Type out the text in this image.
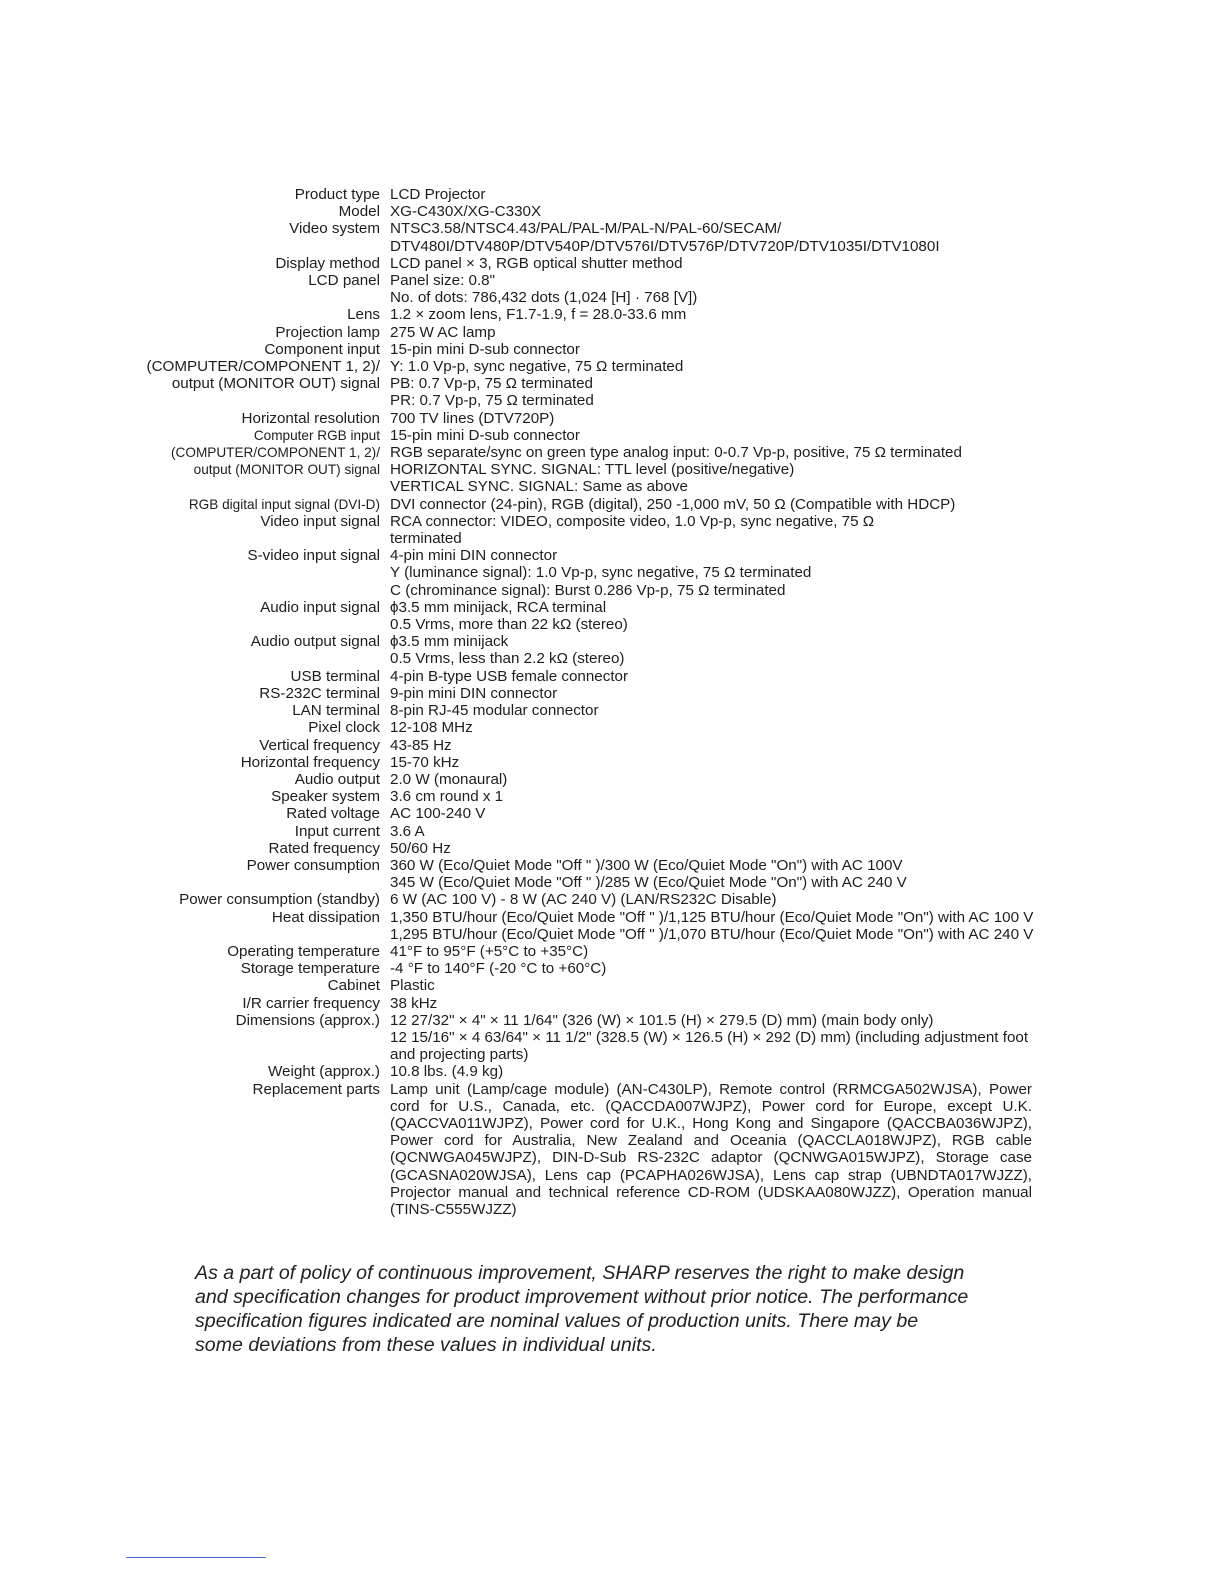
Product type LCD Projector
Model XG-C430X/XG-C330X
Video system NTSC3.58/NTSC4.43/PAL/PAL-M/PAL-N/PAL-60/SECAM/
DTV480I/DTV480P/DTV540P/DTV576I/DTV576P/DTV720P/DTV1035I/DTV1080I
Display method LCD panel × 3, RGB optical shutter method
LCD panel Panel size: 0.8"
No. of dots: 786,432 dots (1,024 [H] · 768 [V])
Lens 1.2 × zoom lens, F1.7-1.9, f = 28.0-33.6 mm
Projection lamp 275 W AC lamp
Component input
(COMPUTER/COMPONENT 1, 2)/
output (MONITOR OUT) signal
15-pin mini D-sub connector
Y: 1.0 Vp-p, sync negative, 75 Ω terminated
PB: 0.7 Vp-p, 75 Ω terminated
PR: 0.7 Vp-p, 75 Ω terminated
Horizontal resolution 700 TV lines (DTV720P)
Computer RGB input
(COMPUTER/COMPONENT 1, 2)/
output (MONITOR OUT) signal
15-pin mini D-sub connector
RGB separate/sync on green type analog input: 0-0.7 Vp-p, positive, 75 Ω terminated
HORIZONTAL SYNC. SIGNAL: TTL level (positive/negative)
VERTICAL SYNC. SIGNAL: Same as above
RGB digital input signal (DVI-D) DVI connector (24-pin), RGB (digital), 250 -1,000 mV, 50 Ω (Compatible with HDCP)
Video input signal RCA connector: VIDEO, composite video, 1.0 Vp-p, sync negative, 75 Ω
terminated
S-video input signal 4-pin mini DIN connector
Y (luminance signal): 1.0 Vp-p, sync negative, 75 Ω terminated
C (chrominance signal): Burst 0.286 Vp-p, 75 Ω terminated
Audio input signal ϕ3.5 mm minijack, RCA terminal
0.5 Vrms, more than 22 kΩ (stereo)
Audio output signal ϕ3.5 mm minijack
0.5 Vrms, less than 2.2 kΩ (stereo)
USB terminal 4-pin B-type USB female connector
RS-232C terminal 9-pin mini DIN connector
LAN terminal 8-pin RJ-45 modular connector
Pixel clock 12-108 MHz
Vertical frequency 43-85 Hz
Horizontal frequency 15-70 kHz
Audio output 2.0 W (monaural)
Speaker system 3.6 cm round x 1
Rated voltage AC 100-240 V
Input current 3.6 A
Rated frequency 50/60 Hz
Power consumption 360 W (Eco/Quiet Mode "Off " )/300 W (Eco/Quiet Mode "On") with AC 100V
345 W (Eco/Quiet Mode "Off " )/285 W (Eco/Quiet Mode "On") with AC 240 V
Power consumption (standby) 6 W (AC 100 V) - 8 W (AC 240 V) (LAN/RS232C Disable)
Heat dissipation 1,350 BTU/hour (Eco/Quiet Mode "Off " )/1,125 BTU/hour (Eco/Quiet Mode "On") with AC 100 V
1,295 BTU/hour (Eco/Quiet Mode "Off " )/1,070 BTU/hour (Eco/Quiet Mode "On") with AC 240 V
Operating temperature 41°F to 95°F (+5°C to +35°C)
Storage temperature -4 °F to 140°F (-20 °C to +60°C)
Cabinet Plastic
I/R carrier frequency 38 kHz
Dimensions (approx.) 12 27/32" × 4" × 11 1/64" (326 (W) × 101.5 (H) × 279.5 (D) mm) (main body only)
12 15/16" × 4 63/64" × 11 1/2" (328.5 (W) × 126.5 (H) × 292 (D) mm) (including adjustment foot
and projecting parts)
Weight (approx.) 10.8 lbs. (4.9 kg)
Replacement parts Lamp unit (Lamp/cage module) (AN-C430LP), Remote control (RRMCGA502WJSA), Power cord for U.S., Canada, etc. (QACCDA007WJPZ), Power cord for Europe, except U.K. (QACCVA011WJPZ), Power cord for U.K., Hong Kong and Singapore (QACCBA036WJPZ), Power cord for Australia, New Zealand and Oceania (QACCLA018WJPZ), RGB cable (QCNWGA045WJPZ), DIN-D-Sub RS-232C adaptor (QCNWGA015WJPZ), Storage case (GCASNA020WJSA), Lens cap (PCAPHA026WJSA), Lens cap strap (UBNDTA017WJZZ), Projector manual and technical reference CD-ROM (UDSKAA080WJZZ), Operation manual (TINS-C555WJZZ)
As a part of policy of continuous improvement, SHARP reserves the right to make design
and specification changes for product improvement without prior notice. The performance
specification figures indicated are nominal values of production units. There may be
some deviations from these values in individual units.
